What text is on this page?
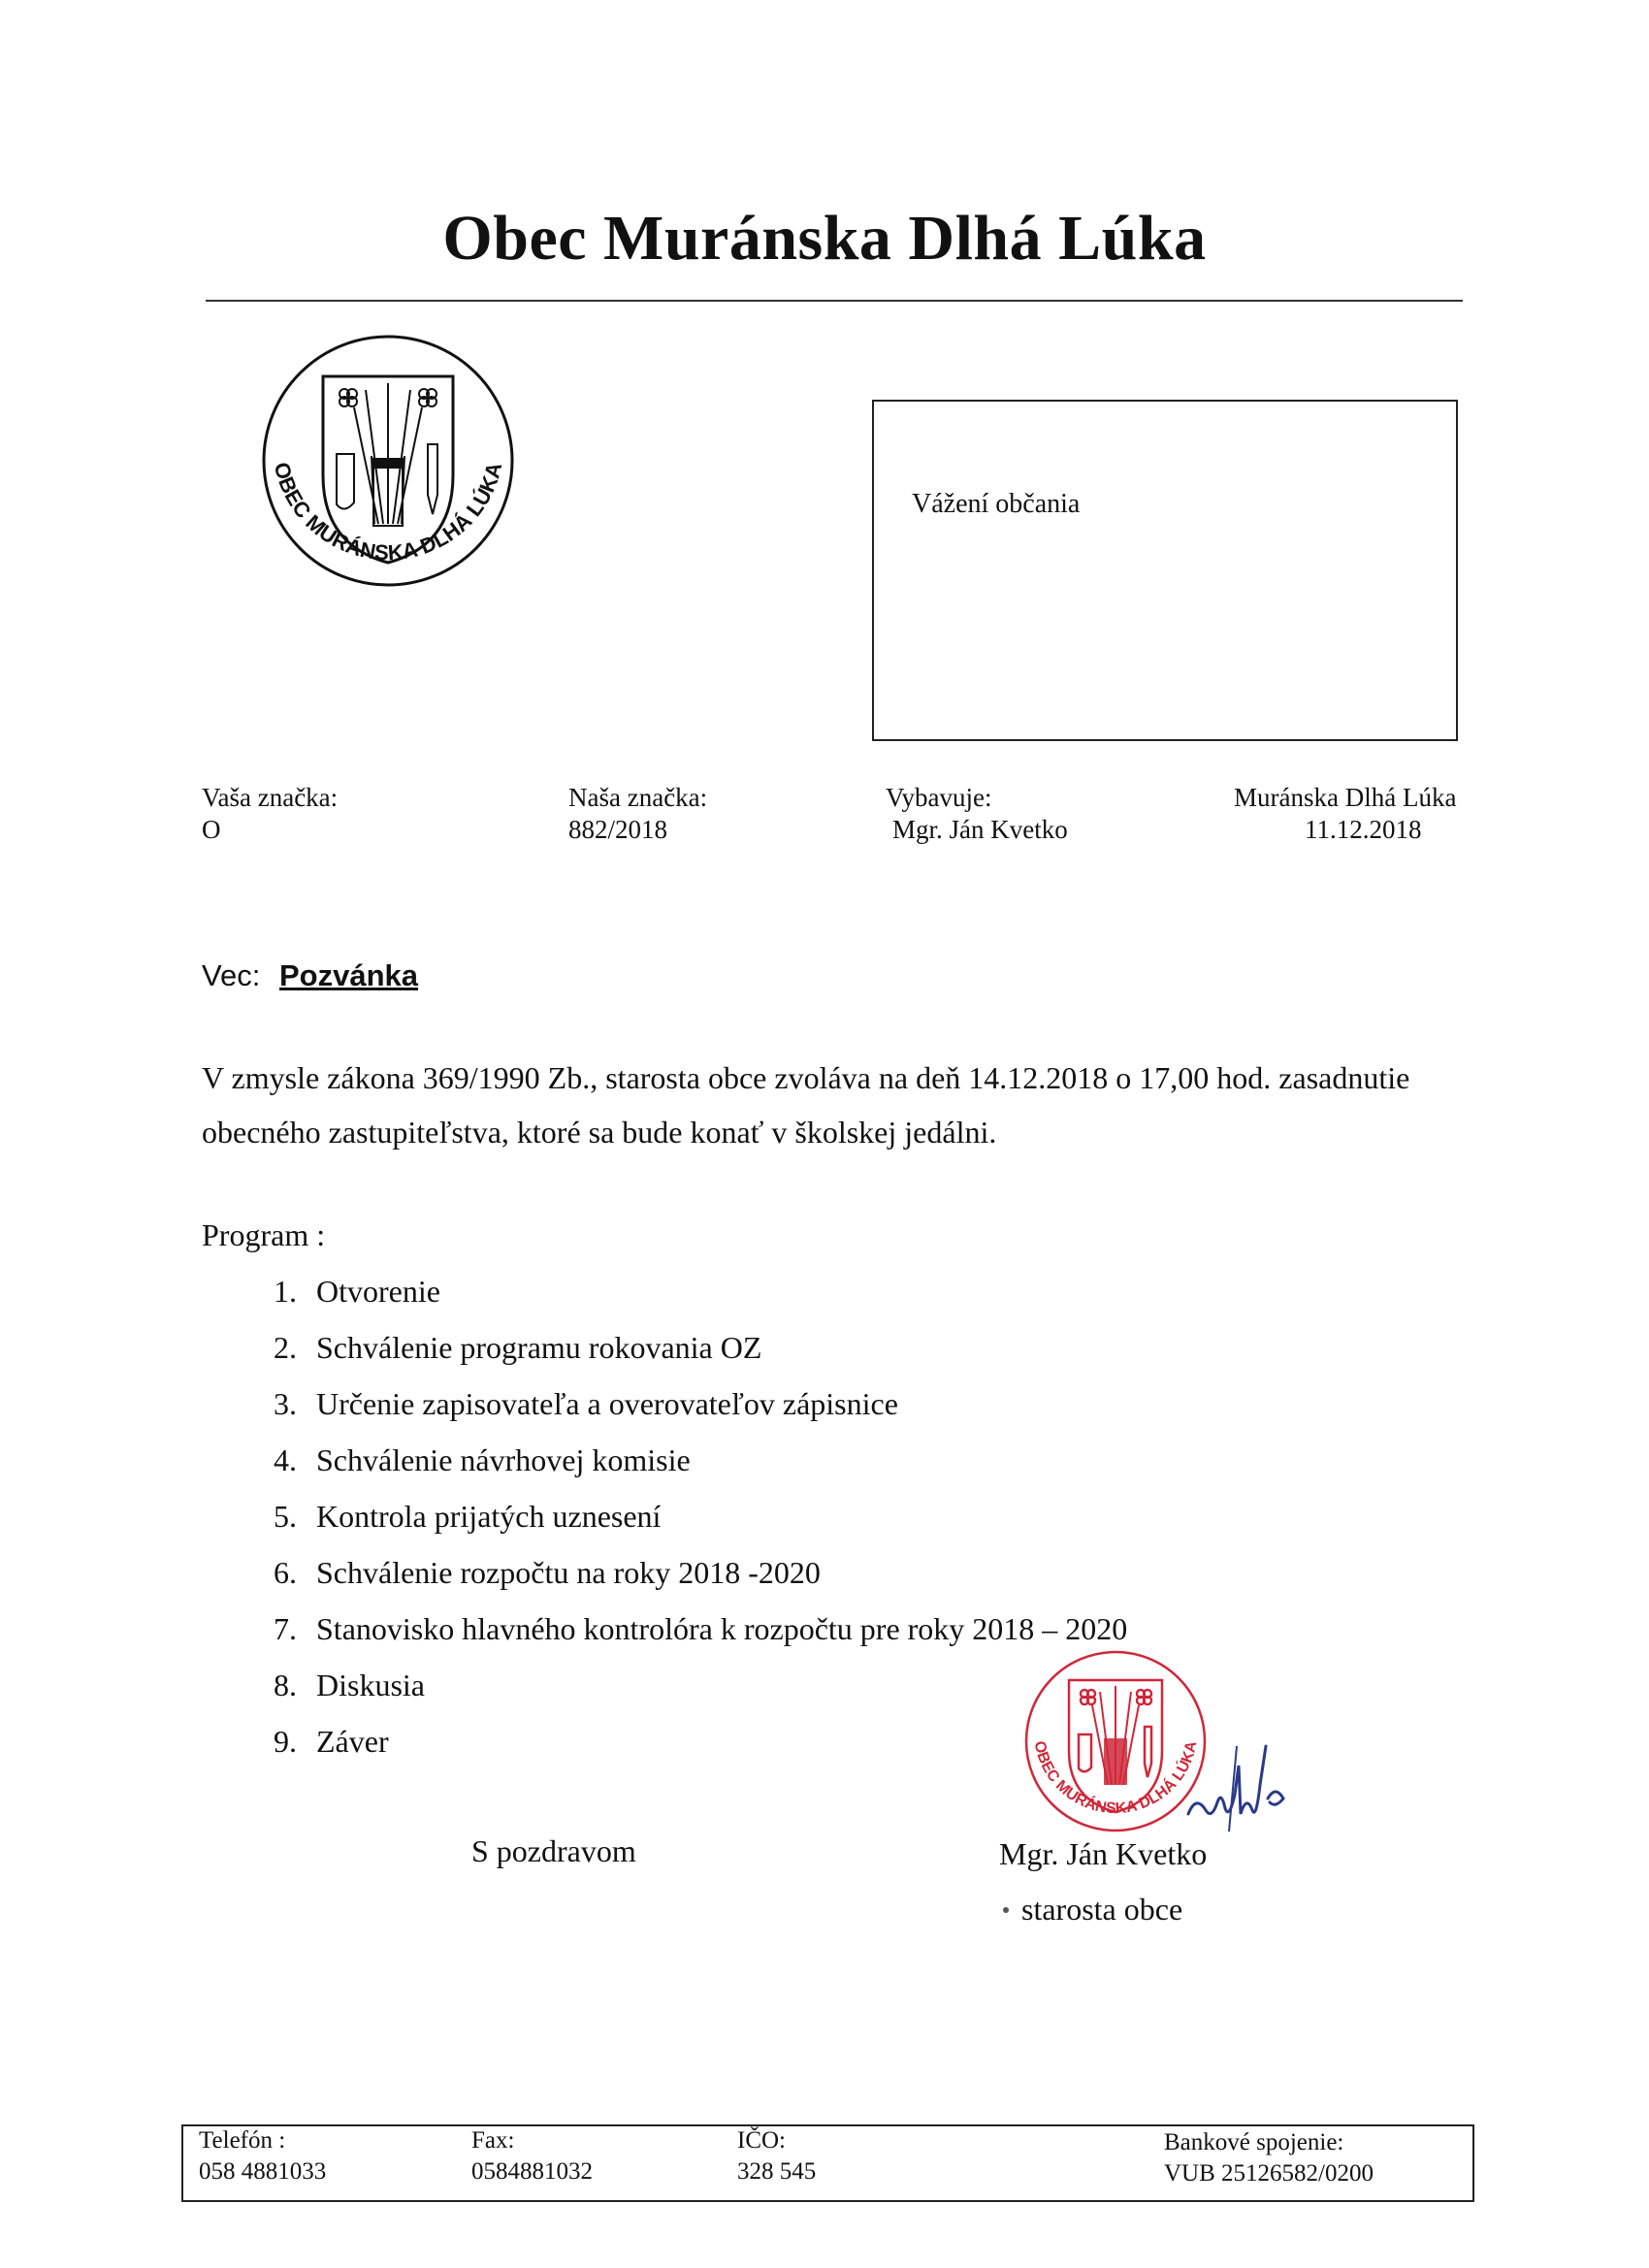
Obec Muránska Dlhá Lúka
OBEC MURÁNSKA DLHÁ LÚKA
Vážení občania
Vaša značka:
O
Naša značka:
882/2018
Vybavuje:
Mgr. Ján Kvetko
Muránska Dlhá Lúka
11.12.2018
Vec: Pozvánka
V zmysle zákona 369/1990 Zb., starosta obce zvoláva na deň 14.12.2018 o 17,00 hod. zasadnutie
obecného zastupiteľstva, ktoré sa bude konať v školskej jedálni.
Program :
1. Otvorenie
2. Schválenie programu rokovania OZ
3. Určenie zapisovateľa a overovateľov zápisnice
4. Schválenie návrhovej komisie
5. Kontrola prijatých uznesení
6. Schválenie rozpočtu na roky 2018 -2020
7. Stanovisko hlavného kontrolóra k rozpočtu pre roky 2018 – 2020
8. Diskusia
9. Záver	OBEC MURÁNSKA DLHÁ LÚKA
S pozdravom	Mgr. Ján Kvetko
starosta obce
Telefón :
058 4881033
Fax:
0584881032
IČO:
328 545
Bankové spojenie:
VUB 25126582/0200
